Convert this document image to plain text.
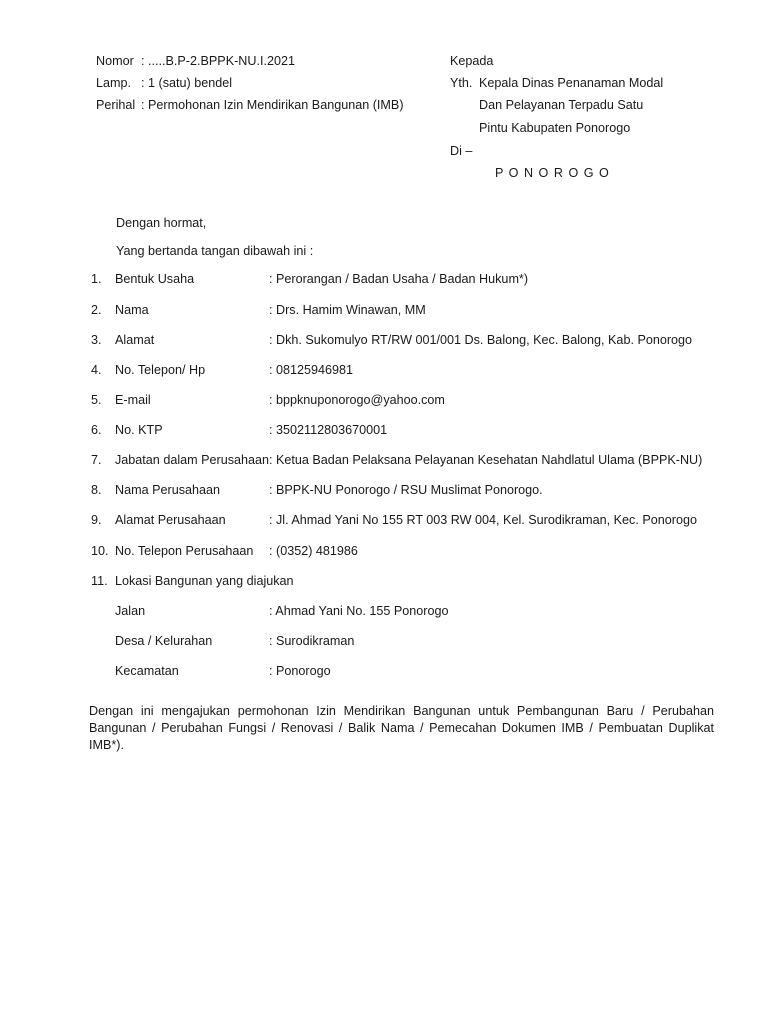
Nomor : .....B.P-2.BPPK-NU.I.2021
Lamp. : 1 (satu) bendel
Perihal : Permohonan Izin Mendirikan Bangunan (IMB)
Kepada
Yth. Kepala Dinas Penanaman Modal
Dan Pelayanan Terpadu Satu
Pintu Kabupaten Ponorogo
Di –
P O N O R O G O
Dengan hormat,
Yang bertanda tangan dibawah ini :
1.	Bentuk Usaha	: Perorangan / Badan Usaha / Badan Hukum*)
2.	Nama	: Drs. Hamim Winawan, MM
3.	Alamat	: Dkh. Sukomulyo RT/RW 001/001 Ds. Balong, Kec. Balong, Kab. Ponorogo
4.	No. Telepon/ Hp	: 08125946981
5.	E-mail	: bppknuponorogo@yahoo.com
6.	No. KTP	: 3502112803670001
7.	Jabatan dalam Perusahaan : Ketua Badan Pelaksana Pelayanan Kesehatan Nahdlatul Ulama (BPPK-NU)
8.	Nama Perusahaan	: BPPK-NU Ponorogo / RSU Muslimat Ponorogo.
9.	Alamat Perusahaan	: Jl. Ahmad Yani No 155 RT 003 RW 004, Kel. Surodikraman, Kec. Ponorogo
10. No. Telepon Perusahaan : (0352) 481986
11. Lokasi Bangunan yang diajukan
Jalan	: Ahmad Yani No. 155 Ponorogo
Desa / Kelurahan	: Surodikraman
Kecamatan	: Ponorogo

Dengan ini mengajukan permohonan Izin Mendirikan Bangunan untuk Pembangunan Baru / Perubahan Bangunan / Perubahan Fungsi / Renovasi / Balik Nama / Pemecahan Dokumen IMB / Pembuatan Duplikat IMB*).
